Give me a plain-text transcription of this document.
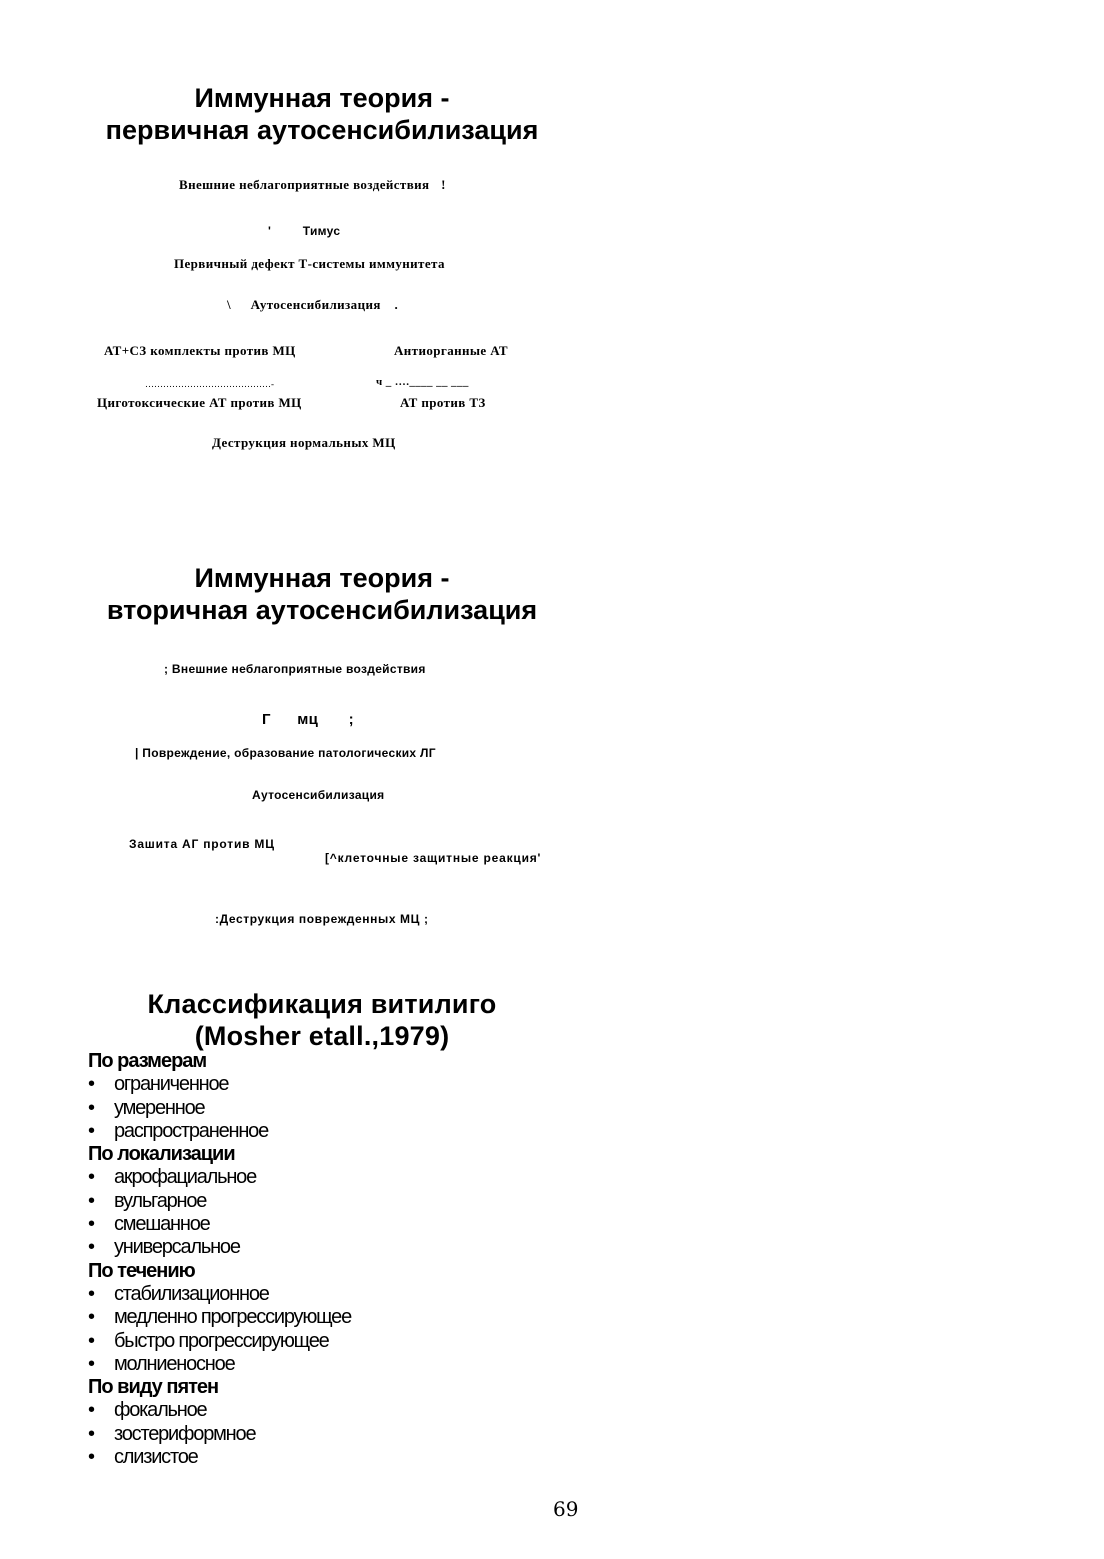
Иммунная теория -
первичная аутосенсибилизация
Внешние неблагоприятные воздействия !
'	Тимус
Первичный дефект Т-системы иммунитета
\ Аутосенсибилизация .
АТ+СЗ комплекты против МЦ	Антиорганные АТ
……………………………………-	ч _ ….____ __ ___
Циготоксические АТ против МЦ	АТ против ТЗ
Деструкция нормальных МЦ
Иммунная теория -
вторичная аутосенсибилизация
; Внешние неблагоприятные воздействия
Г мц ;
| Повреждение, образование патологических ЛГ
Аутосенсибилизация
Зашита АГ против МЦ
[^клеточные защитные реакция'
:Деструкция поврежденных МЦ ;
Классификация витилиго
(Mosher etall.,1979)

По размерам

• ограниченное

• умеренное

• распространенное

По локализации

• акрофациальное

• вульгарное

• смешанное

• универсальное

По течению

• стабилизационное

• медленно прогрессирующее

• быстро прогрессирующее

• молниеносное

По виду пятен

• фокальное

• зостериформное

• слизистое

69
